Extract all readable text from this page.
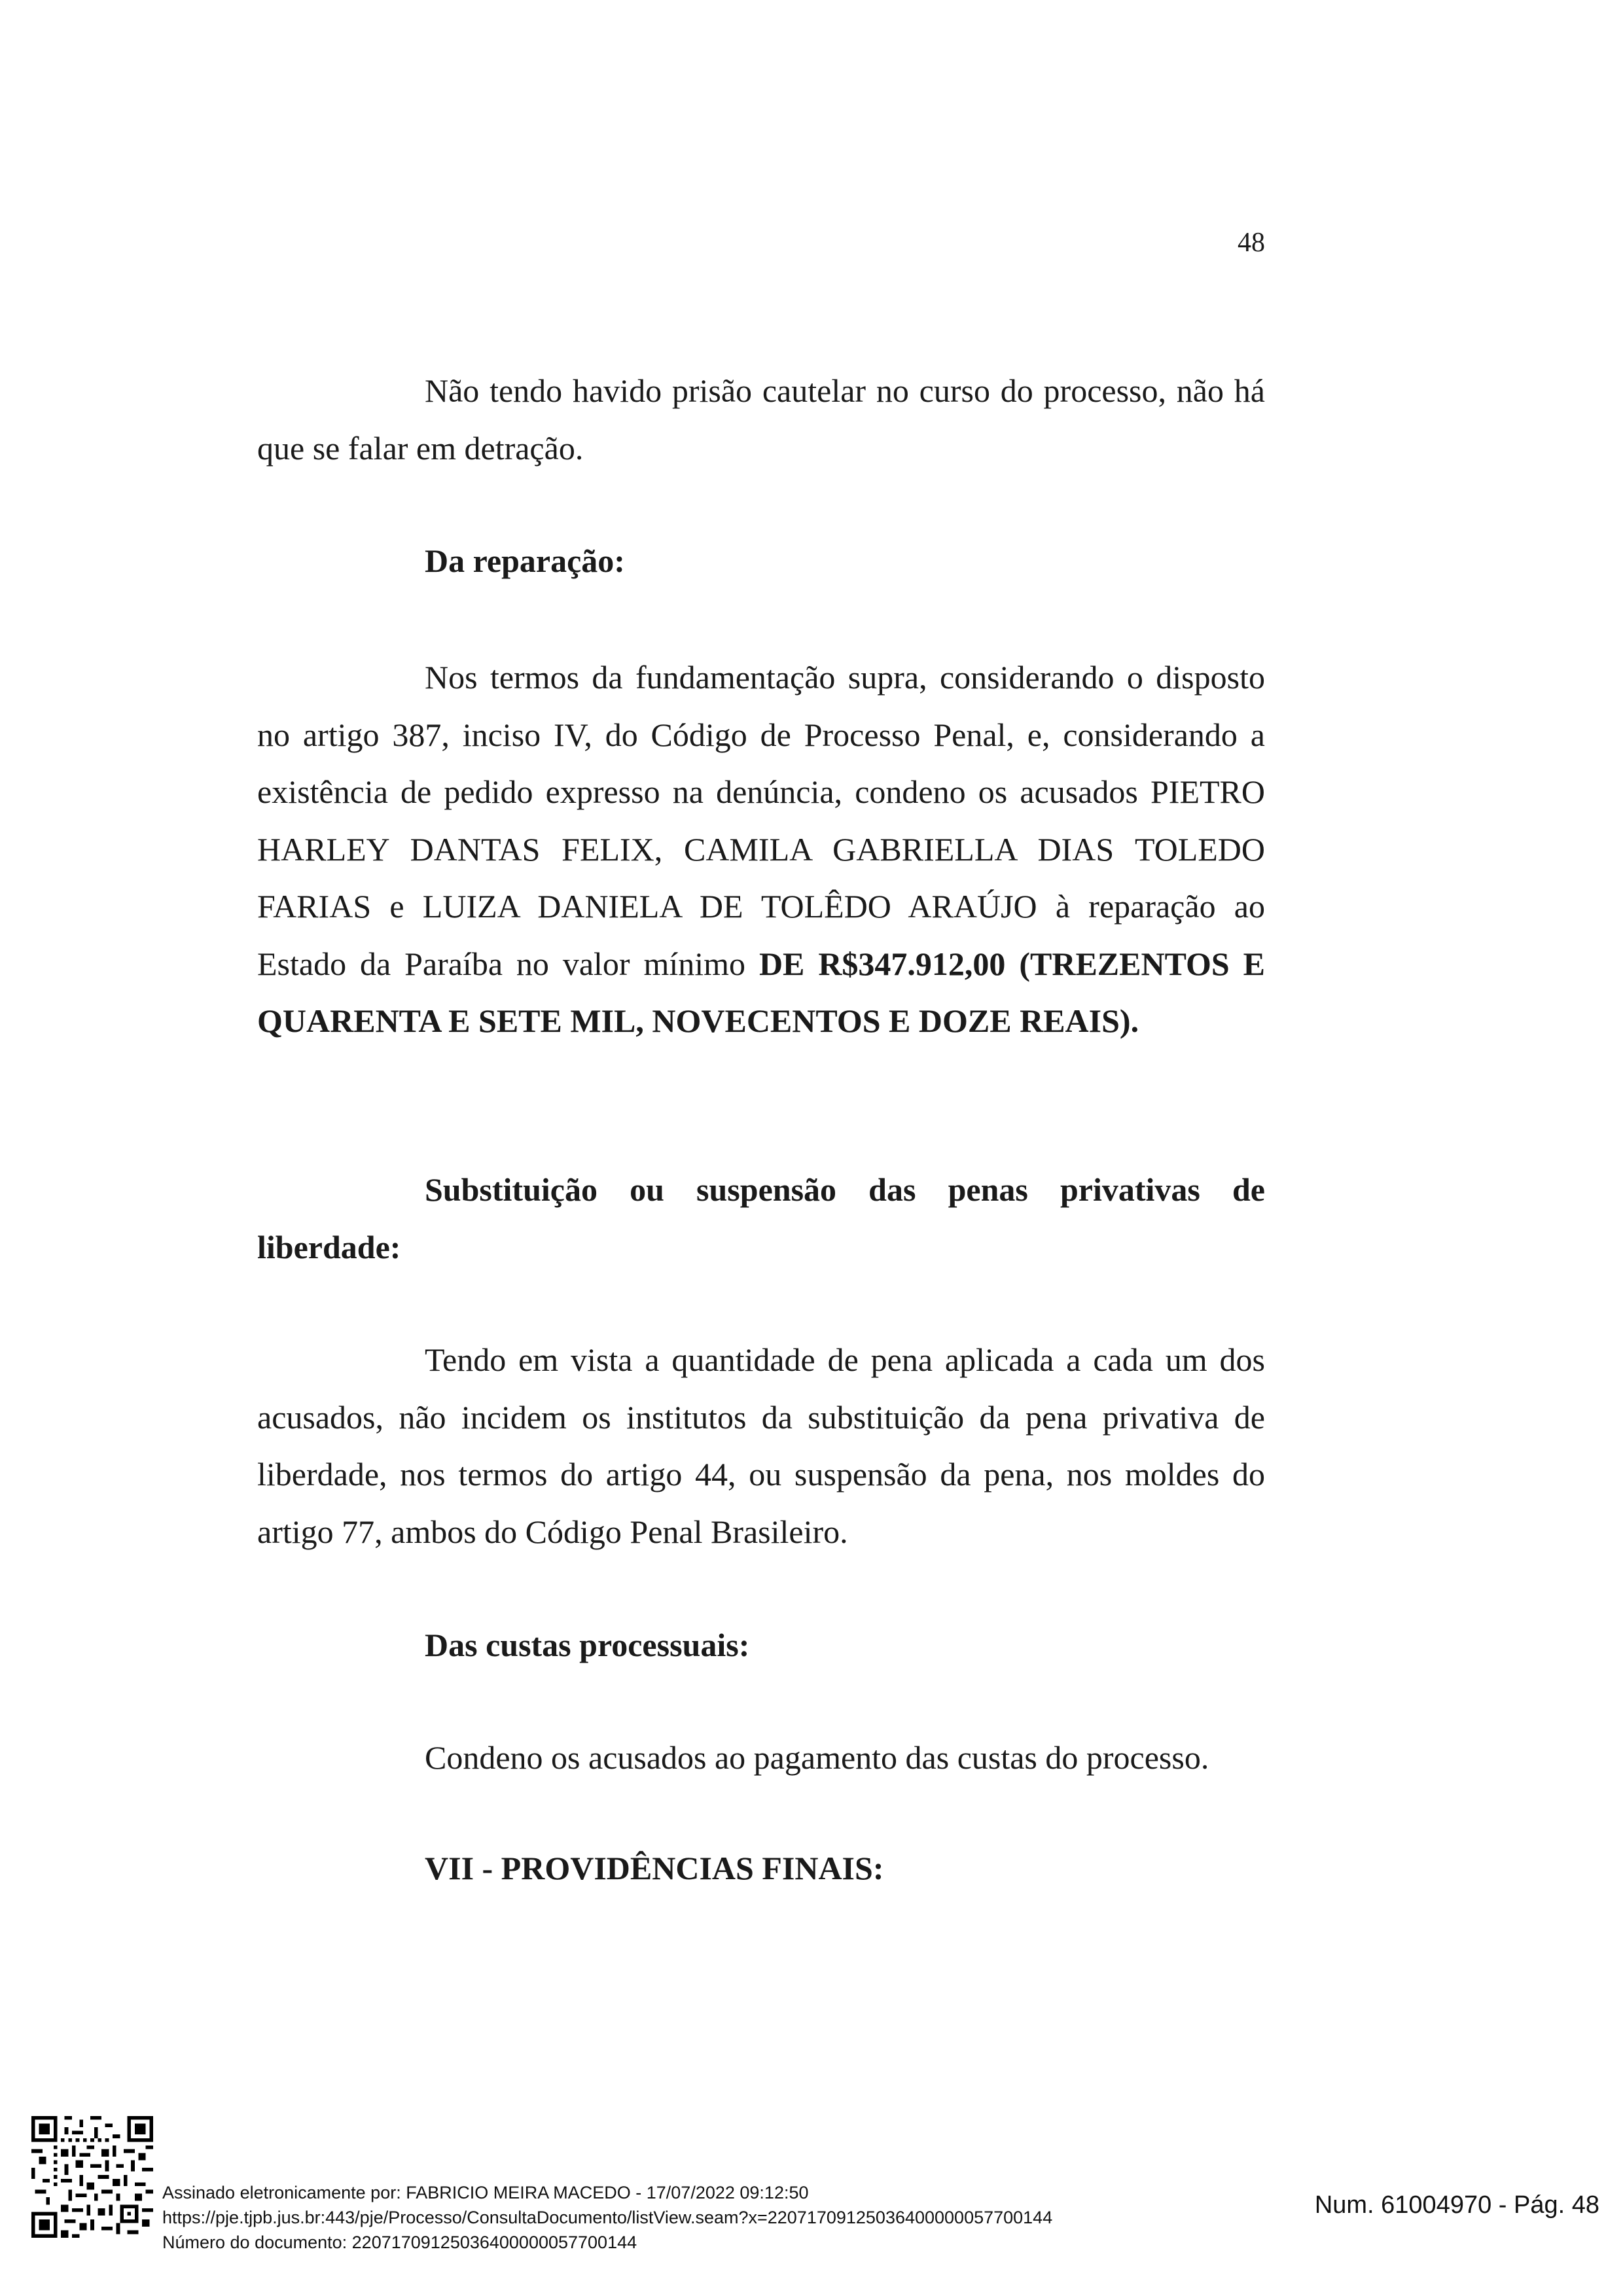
48

Não tendo havido prisão cautelar no curso do processo, não há que se falar em detração.

Da reparação:

Nos termos da fundamentação supra, considerando o disposto no artigo 387, inciso IV, do Código de Processo Penal, e, considerando a existência de pedido expresso na denúncia, condeno os acusados PIETRO HARLEY DANTAS FELIX, CAMILA GABRIELLA DIAS TOLEDO FARIAS e LUIZA DANIELA DE TOLÊDO ARAÚJO à reparação ao Estado da Paraíba no valor mínimo DE R$347.912,00 (TREZENTOS E QUARENTA E SETE MIL, NOVECENTOS E DOZE REAIS).

Substituição ou suspensão das penas privativas de

liberdade:

Tendo em vista a quantidade de pena aplicada a cada um dos acusados, não incidem os institutos da substituição da pena privativa de liberdade, nos termos do artigo 44, ou suspensão da pena, nos moldes do artigo 77, ambos do Código Penal Brasileiro.

Das custas processuais:

Condeno os acusados ao pagamento das custas do processo.

VII - PROVIDÊNCIAS FINAIS:

Assinado eletronicamente por: FABRICIO MEIRA MACEDO - 17/07/2022 09:12:50
https://pje.tjpb.jus.br:443/pje/Processo/ConsultaDocumento/listView.seam?x=22071709125036400000057700144
Número do documento: 22071709125036400000057700144
Num. 61004970 - Pág. 48
